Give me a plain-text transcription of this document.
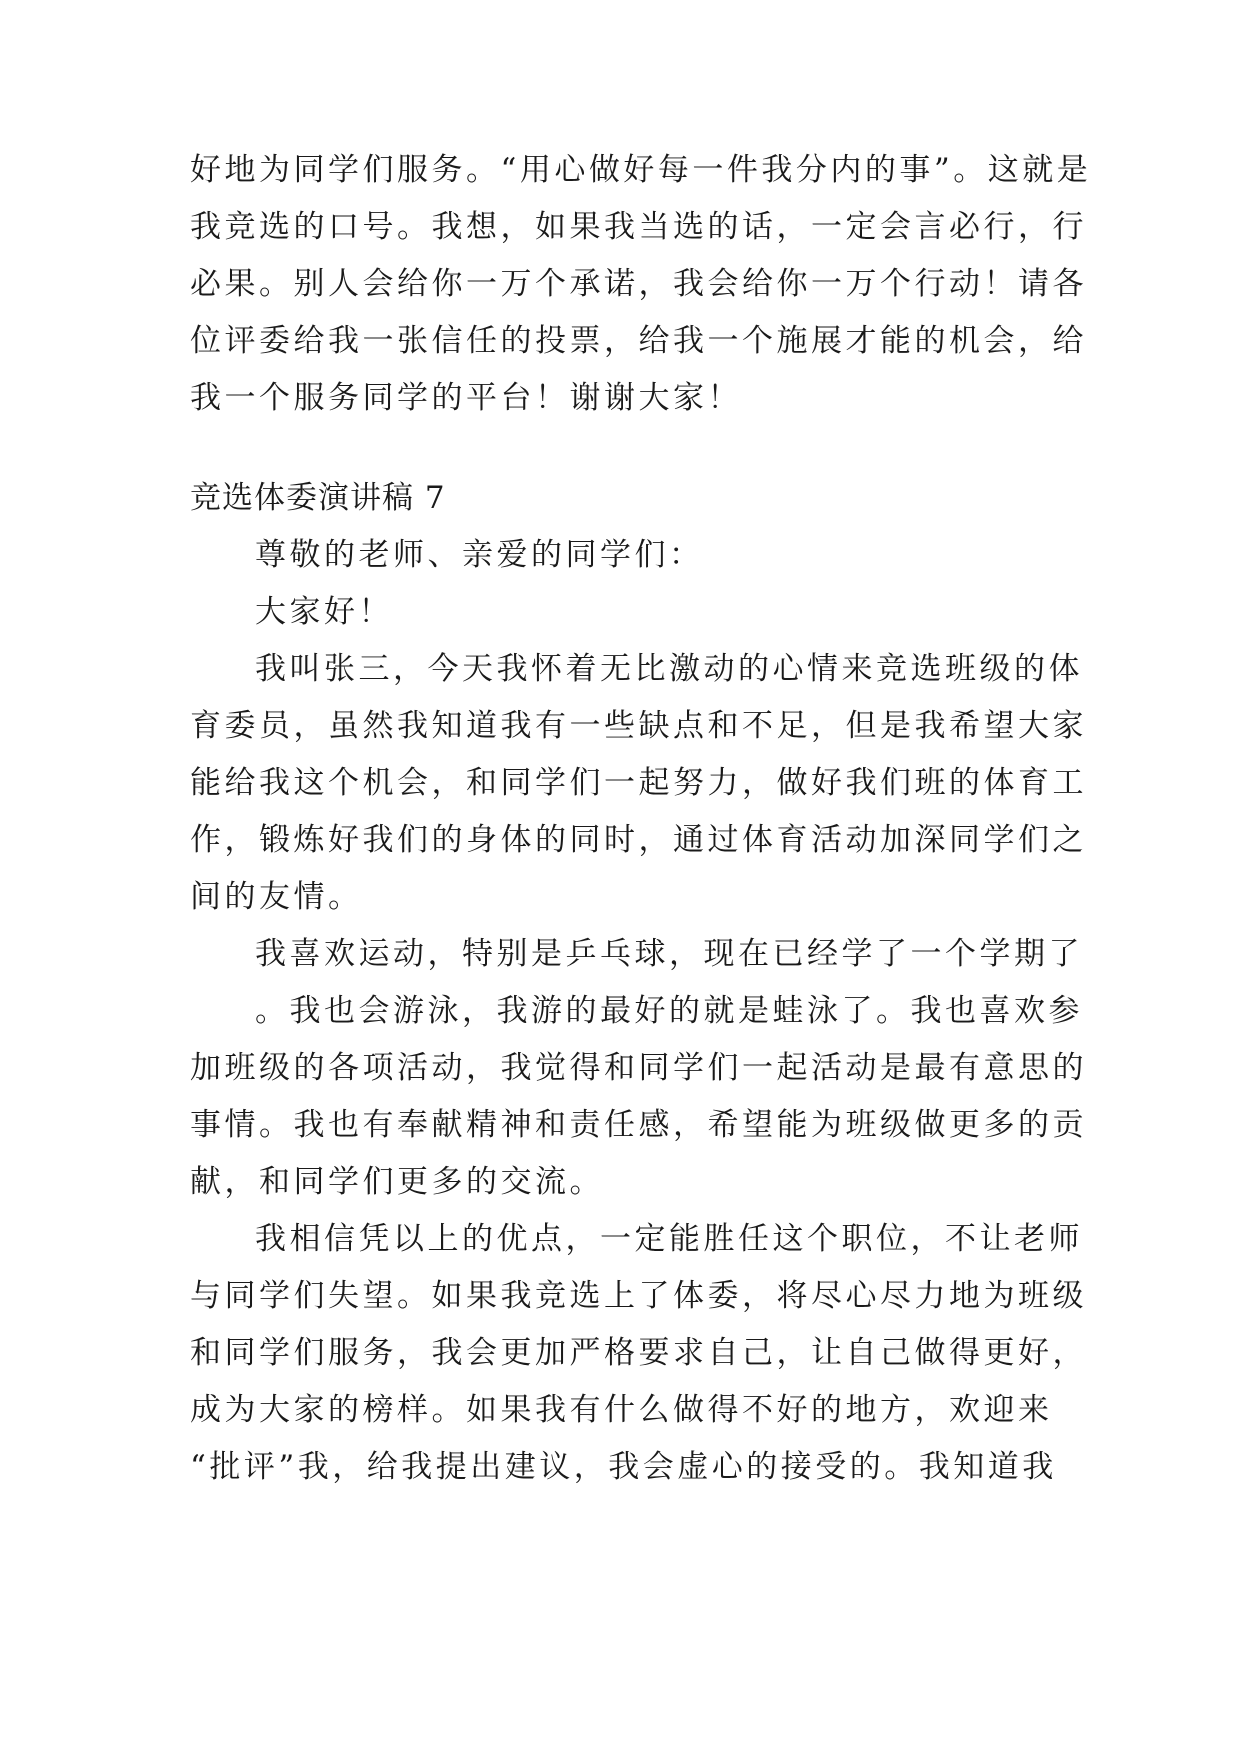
好地为同学们服务。“用心做好每一件我分内的事”。这就是
我竞选的口号。我想，如果我当选的话，一定会言必行，行
必果。别人会给你一万个承诺，我会给你一万个行动！请各
位评委给我一张信任的投票，给我一个施展才能的机会，给
我一个服务同学的平台！谢谢大家！
竞选体委演讲稿 7
尊敬的老师、亲爱的同学们：
大家好！
我叫张三，今天我怀着无比激动的心情来竞选班级的体
育委员，虽然我知道我有一些缺点和不足，但是我希望大家
能给我这个机会，和同学们一起努力，做好我们班的体育工
作，锻炼好我们的身体的同时，通过体育活动加深同学们之
间的友情。
我喜欢运动，特别是乒乓球，现在已经学了一个学期了
。我也会游泳，我游的最好的就是蛙泳了。我也喜欢参
加班级的各项活动，我觉得和同学们一起活动是最有意思的
事情。我也有奉献精神和责任感，希望能为班级做更多的贡
献，和同学们更多的交流。
我相信凭以上的优点，一定能胜任这个职位，不让老师
与同学们失望。如果我竞选上了体委，将尽心尽力地为班级
和同学们服务，我会更加严格要求自己，让自己做得更好，
成为大家的榜样。如果我有什么做得不好的地方，欢迎来
“批评”我，给我提出建议，我会虚心的接受的。我知道我
